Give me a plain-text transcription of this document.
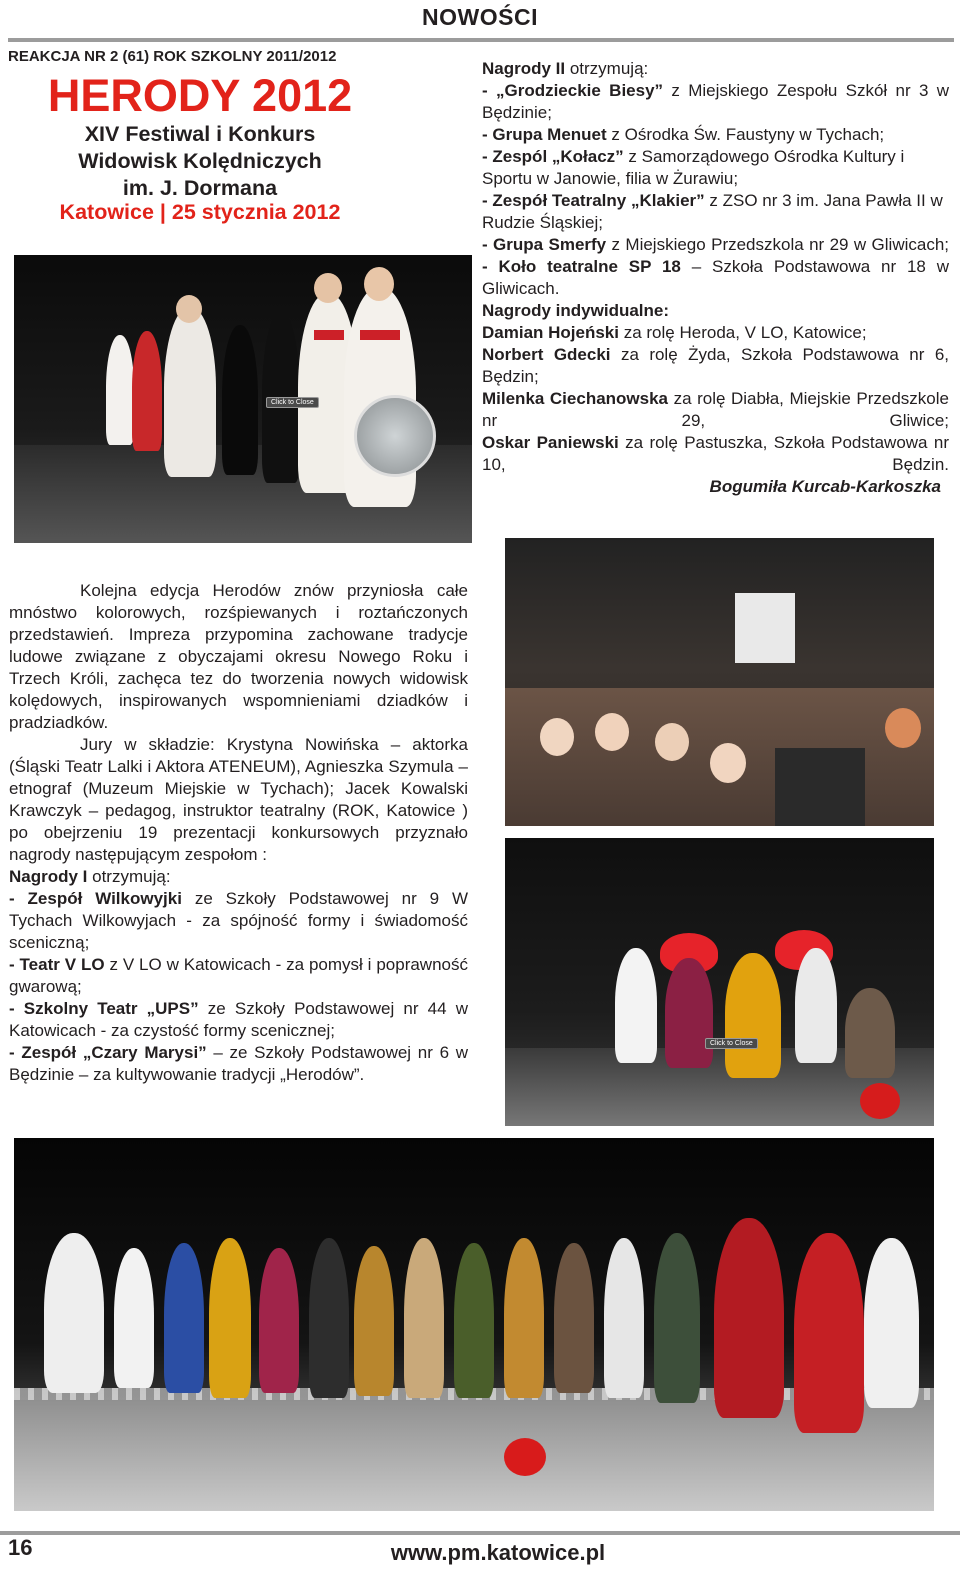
NOWOŚCI
REAKCJA NR 2 (61) ROK SZKOLNY 2011/2012
HERODY 2012
XIV Festiwal i Konkurs
Widowisk Kolędniczych
im. J. Dormana
Katowice | 25 stycznia 2012

Nagrody II otrzymują:

- „Grodzieckie Biesy” z Miejskiego Zespołu Szkół nr 3 w Będzinie;

- Grupa Menuet z Ośrodka Św. Faustyny w Tychach;

- Zespól „Kołacz” z Samorządowego Ośrodka Kultury i Sportu w Janowie, filia w Żurawiu;

- Zespół Teatralny „Klakier” z ZSO nr 3 im. Jana Pawła II w Rudzie Śląskiej;

- Grupa Smerfy z Miejskiego Przedszkola nr 29 w Gliwicach;

- Koło teatralne SP 18 – Szkoła Podstawowa nr 18 w Gliwicach.

Nagrody indywidualne:

Damian Hojeński za rolę Heroda, V LO, Katowice;

Norbert Gdecki za rolę Żyda, Szkoła Podstawowa nr 6, Będzin;

Milenka Ciechanowska za rolę Diabła, Miejskie Przedszkole nr 29, Gliwice;

Oskar Paniewski za rolę Pastuszka, Szkoła Podstawowa nr 10, Będzin.

Bogumiła Kurcab-Karkoszka

Click to Close
Click to Close

Kolejna edycja Herodów znów przyniosła całe mnóstwo kolorowych, rozśpiewanych i roztańczonych przedstawień. Impreza przypomina zachowane tradycje ludowe związane z obyczajami okresu Nowego Roku i Trzech Króli, zachęca tez do tworzenia nowych widowisk kolędowych, inspirowanych wspomnieniami dziadków i pradziadków.

Jury w składzie: Krystyna Nowińska – aktorka (Śląski Teatr Lalki i Aktora ATENEUM), Agnieszka Szymula – etnograf (Muzeum Miejskie w Tychach); Jacek Kowalski Krawczyk – pedagog, instruktor teatralny (ROK, Katowice ) po obejrzeniu 19 prezentacji konkursowych przyznało nagrody następującym zespołom :

Nagrody I otrzymują:

- Zespół Wilkowyjki ze Szkoły Podstawowej nr 9 W Tychach Wilkowyjach - za spójność formy i świadomość sceniczną;

- Teatr V LO z V LO w Katowicach - za pomysł i poprawność gwarową;

- Szkolny Teatr „UPS” ze Szkoły Podstawowej nr 44 w Katowicach - za czystość formy scenicznej;

- Zespół „Czary Marysi” – ze Szkoły Podstawowej nr 6 w Będzinie – za kultywowanie tradycji „Herodów”.

16	www.pm.katowice.pl
